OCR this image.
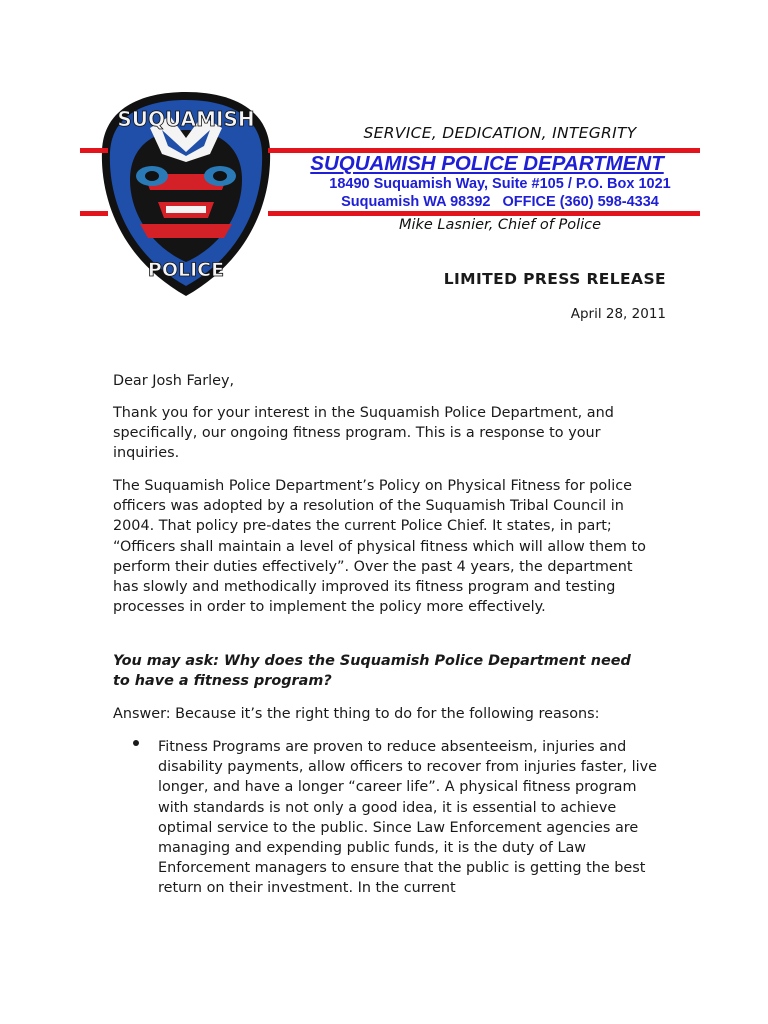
SUQUAMISH
POLICE
SERVICE, DEDICATION, INTEGRITY
SUQUAMISH POLICE DEPARTMENT
18490 Suquamish Way, Suite #105 / P.O. Box 1021
Suquamish WA 98392   OFFICE (360) 598-4334
Mike Lasnier, Chief of Police
LIMITED PRESS RELEASE
April 28, 2011
Dear Josh Farley,

Thank you for your interest in the Suquamish Police Department, and specifically, our ongoing fitness program. This is a response to your inquiries.

The Suquamish Police Department’s Policy on Physical Fitness for police officers was adopted by a resolution of the Suquamish Tribal Council in 2004. That policy pre-dates the current Police Chief. It states, in part; “Officers shall maintain a level of physical fitness which will allow them to perform their duties effectively”. Over the past 4 years, the department has slowly and methodically improved its fitness program and testing processes in order to implement the policy more effectively.

You may ask: Why does the Suquamish Police Department need to have a fitness program?
Answer: Because it’s the right thing to do for the following reasons:
Fitness Programs are proven to reduce absenteeism, injuries and disability payments, allow officers to recover from injuries faster, live longer, and have a longer “career life”. A physical fitness program with standards is not only a good idea, it is essential to achieve optimal service to the public. Since Law Enforcement agencies are managing and expending public funds, it is the duty of Law Enforcement managers to ensure that the public is getting the best return on their investment. In the current
